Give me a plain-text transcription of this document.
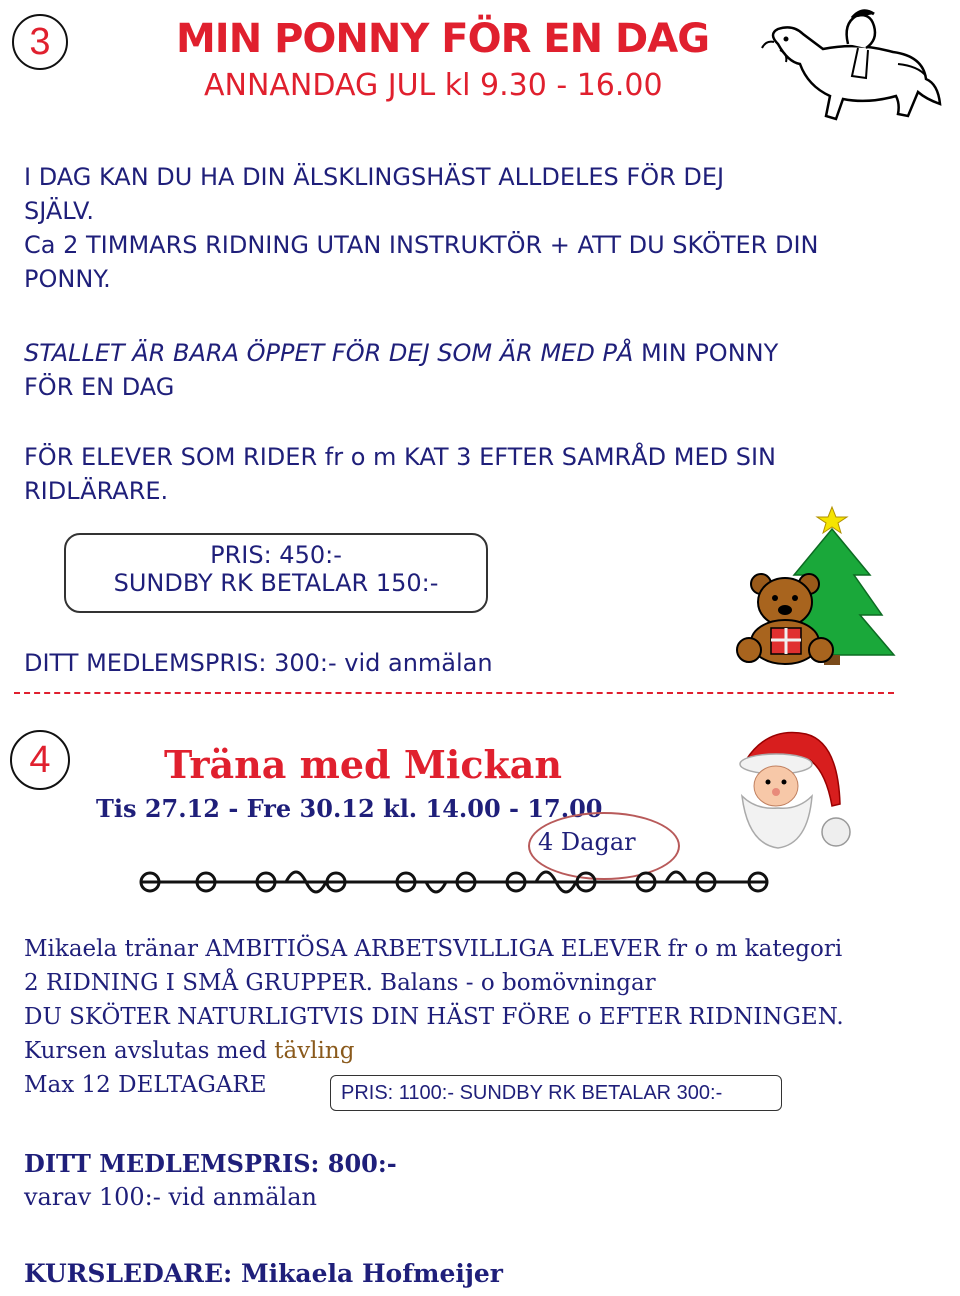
3	MIN PONNY FÖR EN DAG
ANNANDAG JUL kl 9.30 - 16.00
I DAG KAN DU HA DIN ÄLSKLINGSHÄST ALLDELES FÖR DEJ
SJÄLV.
Ca 2 TIMMARS RIDNING UTAN INSTRUKTÖR + ATT DU SKÖTER DIN
PONNY.
STALLET ÄR BARA ÖPPET FÖR DEJ SOM ÄR MED PÅ MIN PONNY
FÖR EN DAG
FÖR ELEVER SOM RIDER fr o m KAT 3 EFTER SAMRÅD MED SIN
RIDLÄRARE.
PRIS: 450:-
SUNDBY RK BETALAR 150:-
DITT MEDLEMSPRIS: 300:- vid anmälan
4	Träna med Mickan
Tis 27.12 - Fre 30.12 kl. 14.00 - 17.00
4 Dagar
Mikaela tränar AMBITIÖSA ARBETSVILLIGA ELEVER fr o m kategori
2 RIDNING I SMÅ GRUPPER. Balans - o bomövningar
DU SKÖTER NATURLIGTVIS DIN HÄST FÖRE o EFTER RIDNINGEN.
Kursen avslutas med tävling
Max 12 DELTAGARE	PRIS: 1100:- SUNDBY RK BETALAR 300:-
DITT MEDLEMSPRIS: 800:-
varav 100:- vid anmälan
KURSLEDARE: Mikaela Hofmeijer
